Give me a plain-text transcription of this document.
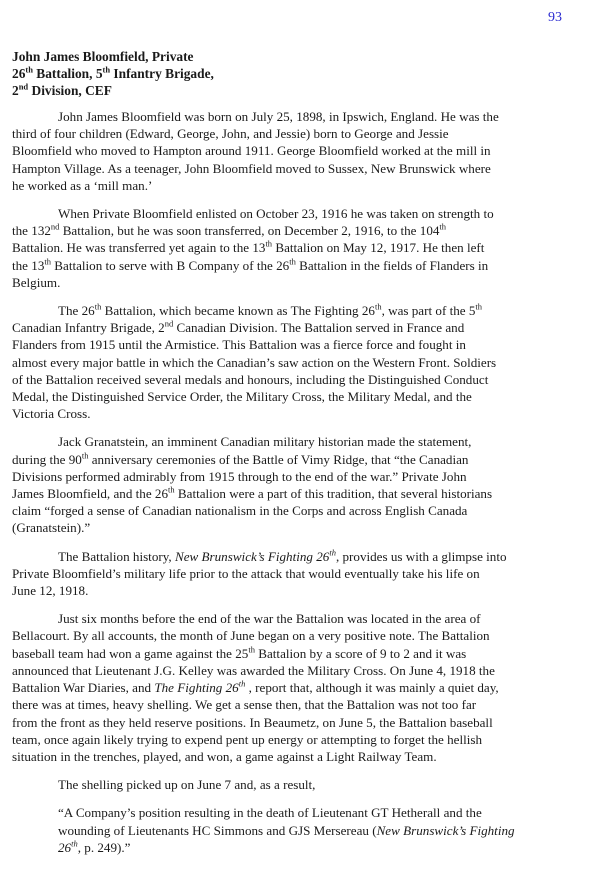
93
John James Bloomfield, Private
26th Battalion, 5th Infantry Brigade,
2nd Division, CEF

John James Bloomfield was born on July 25, 1898, in Ipswich, England. He was the
third of four children (Edward, George, John, and Jessie) born to George and Jessie
Bloomfield who moved to Hampton around 1911. George Bloomfield worked at the mill in
Hampton Village. As a teenager, John Bloomfield moved to Sussex, New Brunswick where
he worked as a ‘mill man.’

When Private Bloomfield enlisted on October 23, 1916 he was taken on strength to
the 132nd Battalion, but he was soon transferred, on December 2, 1916, to the 104th
Battalion. He was transferred yet again to the 13th Battalion on May 12, 1917. He then left
the 13th Battalion to serve with B Company of the 26th Battalion in the fields of Flanders in
Belgium.

The 26th Battalion, which became known as The Fighting 26th, was part of the 5th
Canadian Infantry Brigade, 2nd Canadian Division. The Battalion served in France and
Flanders from 1915 until the Armistice. This Battalion was a fierce force and fought in
almost every major battle in which the Canadian’s saw action on the Western Front. Soldiers
of the Battalion received several medals and honours, including the Distinguished Conduct
Medal, the Distinguished Service Order, the Military Cross, the Military Medal, and the
Victoria Cross.

Jack Granatstein, an imminent Canadian military historian made the statement,
during the 90th anniversary ceremonies of the Battle of Vimy Ridge, that “the Canadian
Divisions performed admirably from 1915 through to the end of the war.” Private John
James Bloomfield, and the 26th Battalion were a part of this tradition, that several historians
claim “forged a sense of Canadian nationalism in the Corps and across English Canada
(Granatstein).”

The Battalion history, New Brunswick’s Fighting 26th, provides us with a glimpse into
Private Bloomfield’s military life prior to the attack that would eventually take his life on
June 12, 1918.

Just six months before the end of the war the Battalion was located in the area of
Bellacourt. By all accounts, the month of June began on a very positive note. The Battalion
baseball team had won a game against the 25th Battalion by a score of 9 to 2 and it was
announced that Lieutenant J.G. Kelley was awarded the Military Cross. On June 4, 1918 the
Battalion War Diaries, and The Fighting 26th , report that, although it was mainly a quiet day,
there was at times, heavy shelling. We get a sense then, that the Battalion was not too far
from the front as they held reserve positions. In Beaumetz, on June 5, the Battalion baseball
team, once again likely trying to expend pent up energy or attempting to forget the hellish
situation in the trenches, played, and won, a game against a Light Railway Team.

The shelling picked up on June 7 and, as a result,

“A Company’s position resulting in the death of Lieutenant GT Hetherall and the
wounding of Lieutenants HC Simmons and GJS Mersereau (New Brunswick’s Fighting
26th, p. 249).”
